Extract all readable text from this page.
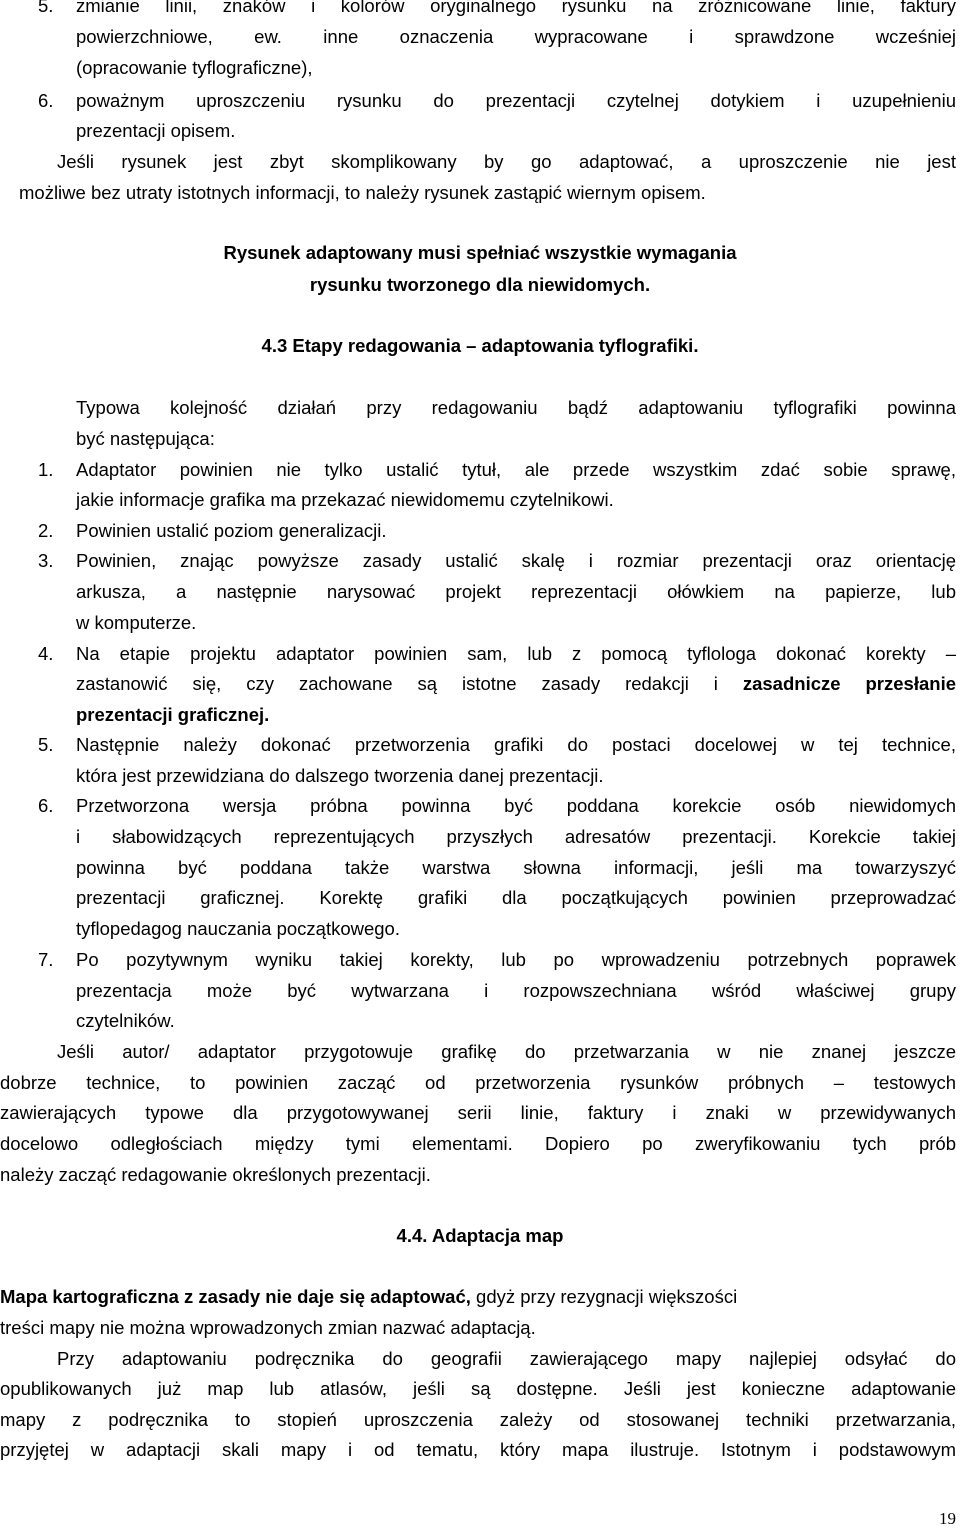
5. zmianie linii, znaków i kolorów oryginalnego rysunku na zróżnicowane linie, faktury
powierzchniowe, ew. inne oznaczenia wypracowane i sprawdzone wcześniej
(opracowanie tyflograficzne),
6. poważnym uproszczeniu rysunku do prezentacji czytelnej dotykiem i uzupełnieniu
prezentacji opisem.
Jeśli rysunek jest zbyt skomplikowany by go adaptować, a uproszczenie nie jest
możliwe bez utraty istotnych informacji, to należy rysunek zastąpić wiernym opisem.
Rysunek adaptowany musi spełniać wszystkie wymagania
rysunku tworzonego dla niewidomych.
4.3 Etapy redagowania – adaptowania tyflografiki.
Typowa kolejność działań przy redagowaniu bądź adaptowaniu tyflografiki powinna
być następująca:
1. Adaptator powinien nie tylko ustalić tytuł, ale przede wszystkim zdać sobie sprawę,
jakie informacje grafika ma przekazać niewidomemu czytelnikowi.
2. Powinien ustalić poziom generalizacji.
3. Powinien, znając powyższe zasady ustalić skalę i rozmiar prezentacji oraz orientację
arkusza, a następnie narysować projekt reprezentacji ołówkiem na papierze, lub
w komputerze.
4. Na etapie projektu adaptator powinien sam, lub z pomocą tyflologa dokonać korekty –
zastanowić się, czy zachowane są istotne zasady redakcji i zasadnicze przesłanie
prezentacji graficznej.
5. Następnie należy dokonać przetworzenia grafiki do postaci docelowej w tej technice,
która jest przewidziana do dalszego tworzenia danej prezentacji.
6. Przetworzona wersja próbna powinna być poddana korekcie osób niewidomych
i słabowidzących reprezentujących przyszłych adresatów prezentacji. Korekcie takiej
powinna być poddana także warstwa słowna informacji, jeśli ma towarzyszyć
prezentacji graficznej. Korektę grafiki dla początkujących powinien przeprowadzać
tyflopedagog nauczania początkowego.
7. Po pozytywnym wyniku takiej korekty, lub po wprowadzeniu potrzebnych poprawek
prezentacja może być wytwarzana i rozpowszechniana wśród właściwej grupy
czytelników.
Jeśli autor/ adaptator przygotowuje grafikę do przetwarzania w nie znanej jeszcze
dobrze technice, to powinien zacząć od przetworzenia rysunków próbnych – testowych
zawierających typowe dla przygotowywanej serii linie, faktury i znaki w przewidywanych
docelowo odległościach między tymi elementami. Dopiero po zweryfikowaniu tych prób
należy zacząć redagowanie określonych prezentacji.
4.4. Adaptacja map
Mapa kartograficzna z zasady nie daje się adaptować, gdyż przy rezygnacji większości
treści mapy nie można wprowadzonych zmian nazwać adaptacją.
Przy adaptowaniu podręcznika do geografii zawierającego mapy najlepiej odsyłać do
opublikowanych już map lub atlasów, jeśli są dostępne. Jeśli jest konieczne adaptowanie
mapy z podręcznika to stopień uproszczenia zależy od stosowanej techniki przetwarzania,
przyjętej w adaptacji skali mapy i od tematu, który mapa ilustruje. Istotnym i podstawowym
19
